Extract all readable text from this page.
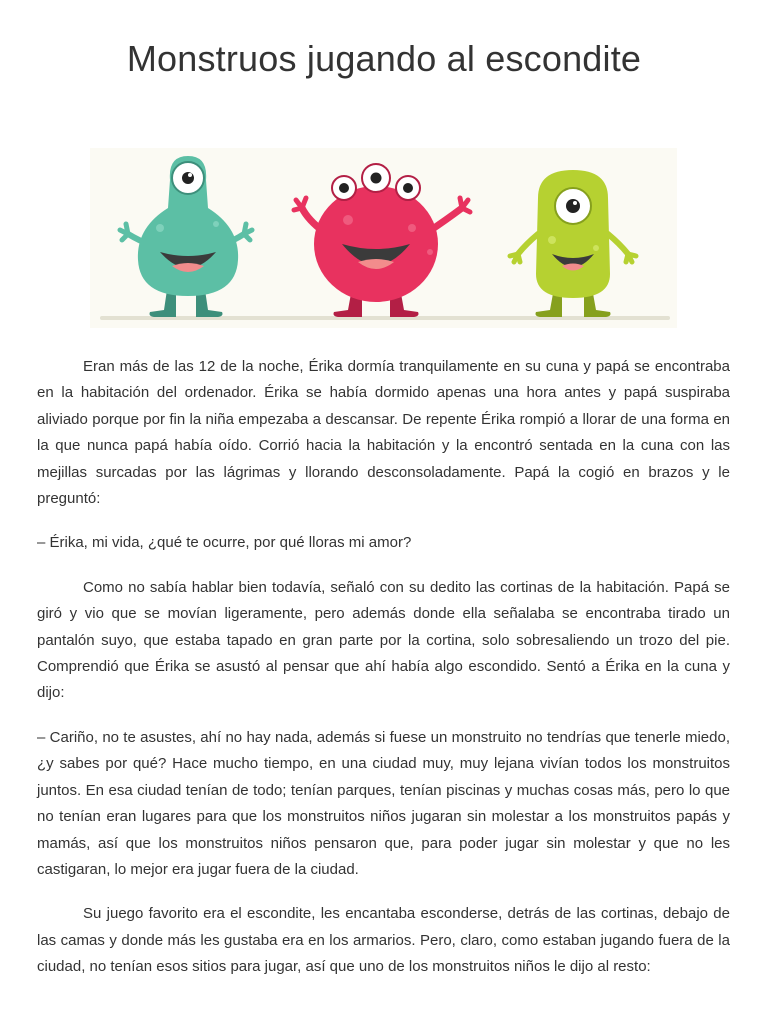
Monstruos jugando al escondite

Eran más de las 12 de la noche, Érika dormía tranquilamente en su cuna y papá se encontraba en la habitación del ordenador. Érika se había dormido apenas una hora antes y papá suspiraba aliviado porque por fin la niña empezaba a descansar. De repente Érika rompió a llorar de una forma en la que nunca papá había oído. Corrió hacia la habitación y la encontró sentada en la cuna con las mejillas surcadas por las lágrimas y llorando desconsoladamente. Papá la cogió en brazos y le preguntó:

– Érika, mi vida, ¿qué te ocurre, por qué lloras mi amor?

Como no sabía hablar bien todavía, señaló con su dedito las cortinas de la habitación. Papá se giró y vio que se movían ligeramente, pero además donde ella señalaba se encontraba tirado un pantalón suyo, que estaba tapado en gran parte por la cortina, solo sobresaliendo un trozo del pie. Comprendió que Érika se asustó al pensar que ahí había algo escondido. Sentó a Érika en la cuna y dijo:

– Cariño, no te asustes, ahí no hay nada, además si fuese un monstruito no tendrías que tenerle miedo, ¿y sabes por qué? Hace mucho tiempo, en una ciudad muy, muy lejana vivían todos los monstruitos juntos. En esa ciudad tenían de todo; tenían parques, tenían piscinas y muchas cosas más, pero lo que no tenían eran lugares para que los monstruitos niños jugaran sin molestar a los monstruitos papás y mamás, así que los monstruitos niños pensaron que, para poder jugar sin molestar y que no les castigaran, lo mejor era jugar fuera de la ciudad.

Su juego favorito era el escondite, les encantaba esconderse, detrás de las cortinas, debajo de las camas y donde más les gustaba era en los armarios. Pero, claro, como estaban jugando fuera de la ciudad, no tenían esos sitios para jugar, así que uno de los monstruitos niños le dijo al resto:
